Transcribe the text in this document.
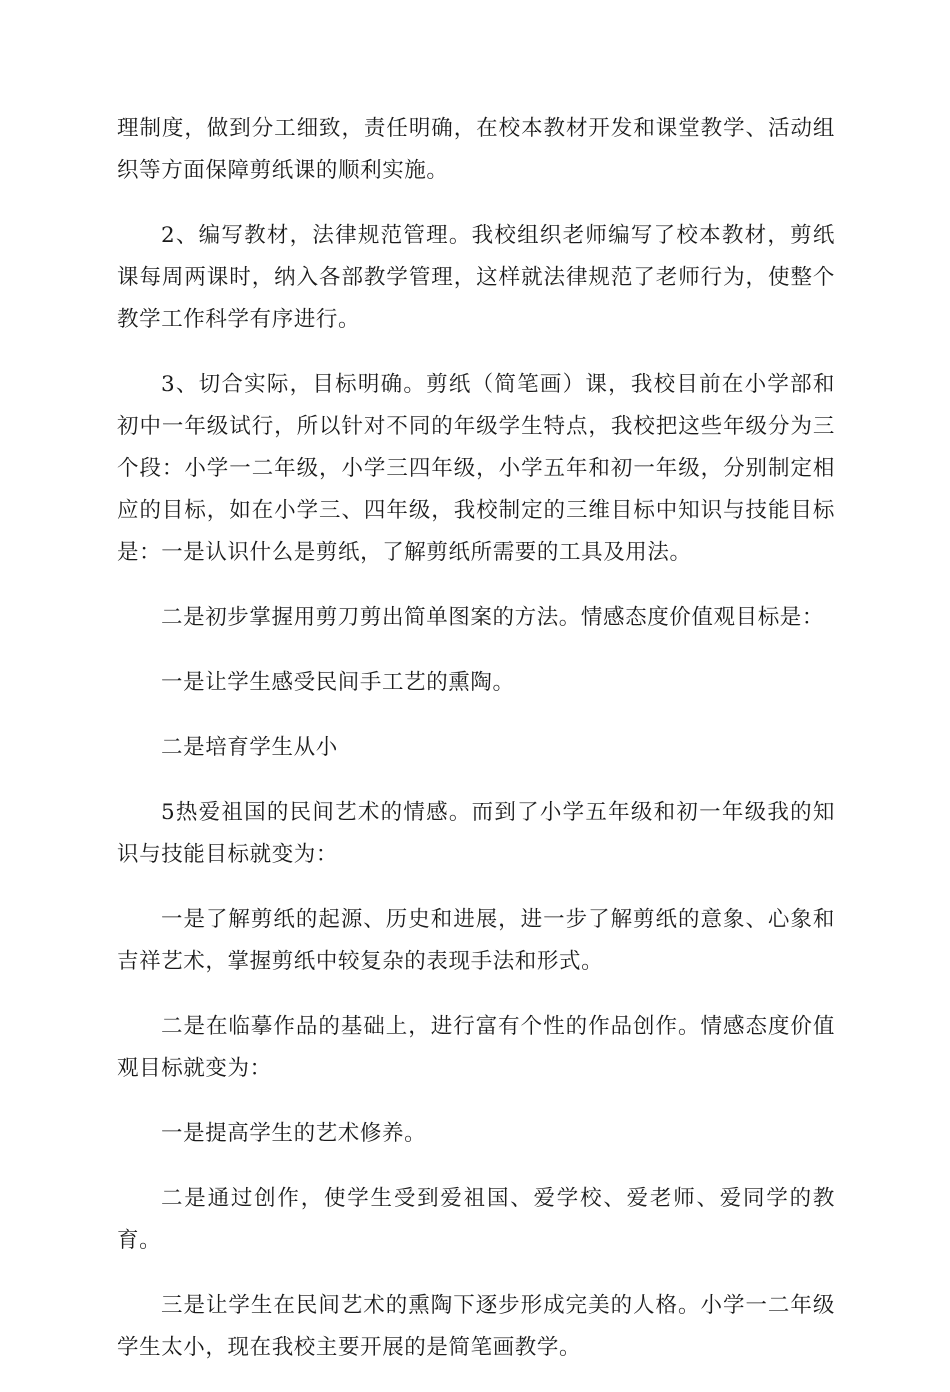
理制度，做到分工细致，责任明确，在校本教材开发和课堂教学、活动组织等方面保障剪纸课的顺利实施。

2、编写教材，法律规范管理。我校组织老师编写了校本教材，剪纸课每周两课时，纳入各部教学管理，这样就法律规范了老师行为，使整个教学工作科学有序进行。

3、切合实际，目标明确。剪纸（简笔画）课，我校目前在小学部和初中一年级试行，所以针对不同的年级学生特点，我校把这些年级分为三个段：小学一二年级，小学三四年级，小学五年和初一年级，分别制定相应的目标，如在小学三、四年级，我校制定的三维目标中知识与技能目标是：一是认识什么是剪纸，了解剪纸所需要的工具及用法。

二是初步掌握用剪刀剪出简单图案的方法。情感态度价值观目标是：

一是让学生感受民间手工艺的熏陶。

二是培育学生从小

5热爱祖国的民间艺术的情感。而到了小学五年级和初一年级我的知识与技能目标就变为：

一是了解剪纸的起源、历史和进展，进一步了解剪纸的意象、心象和吉祥艺术，掌握剪纸中较复杂的表现手法和形式。

二是在临摹作品的基础上，进行富有个性的作品创作。情感态度价值观目标就变为：

一是提高学生的艺术修养。

二是通过创作，使学生受到爱祖国、爱学校、爱老师、爱同学的教育。

三是让学生在民间艺术的熏陶下逐步形成完美的人格。小学一二年级学生太小，现在我校主要开展的是简笔画教学。
